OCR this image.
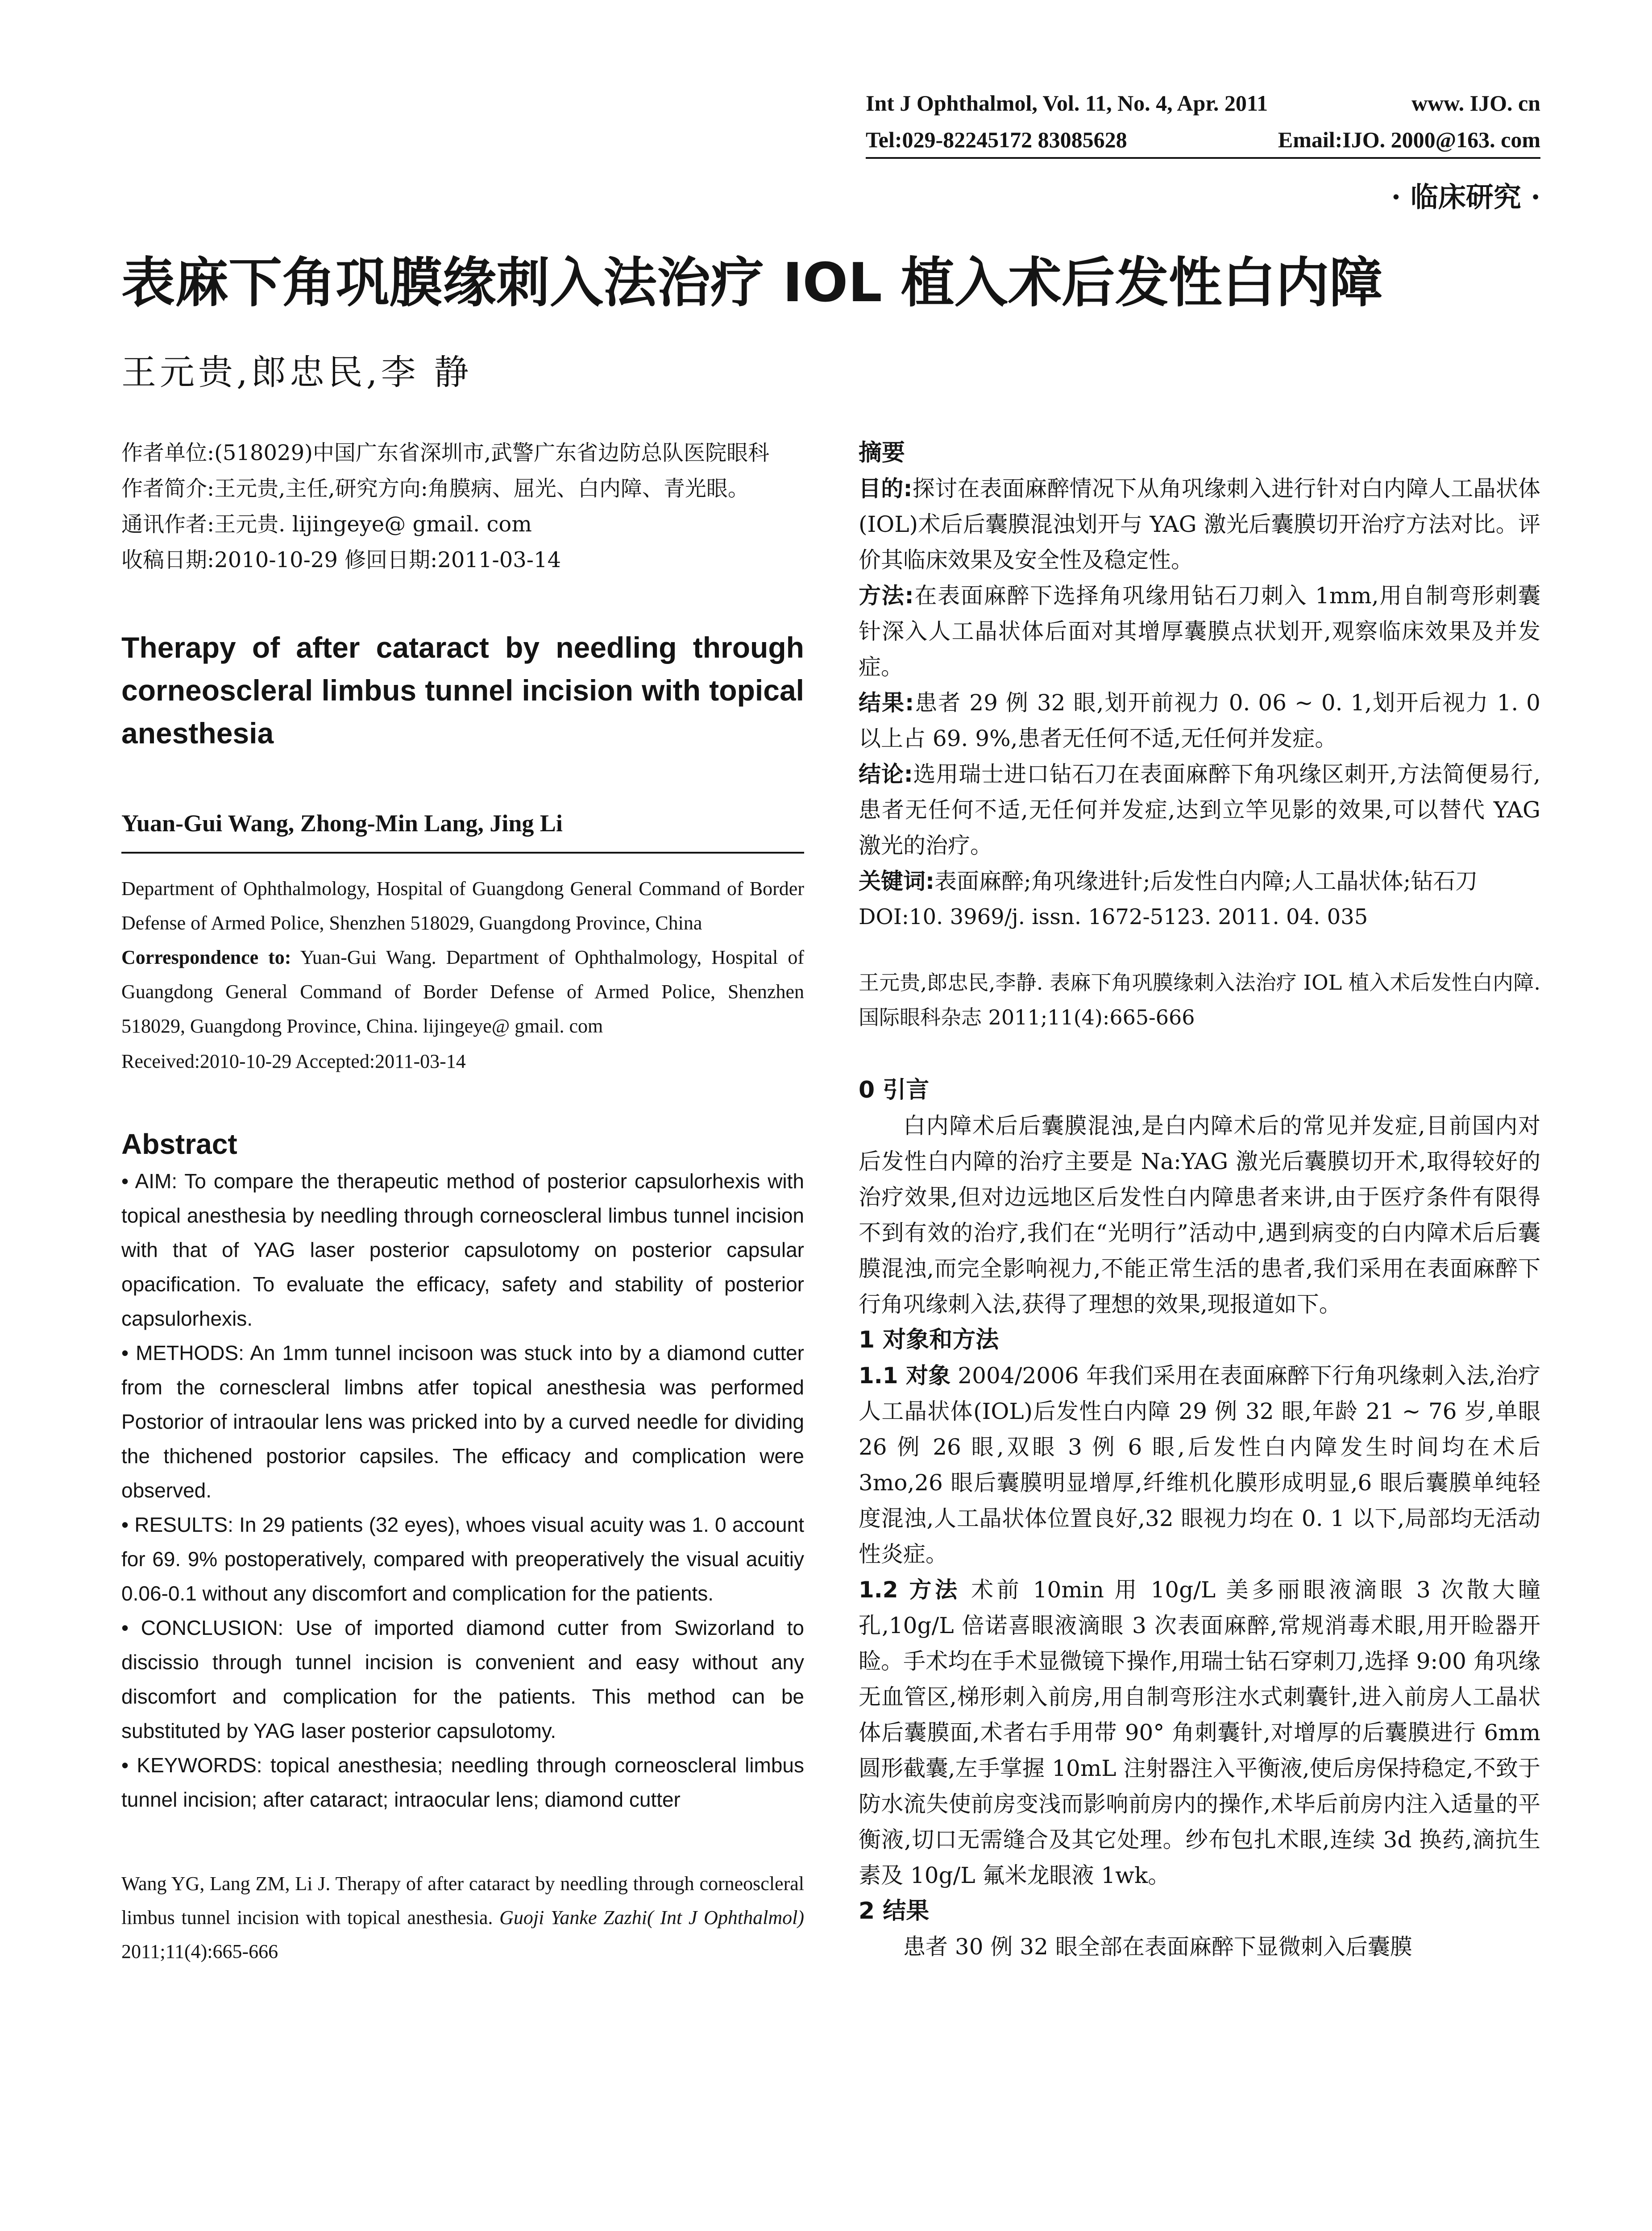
Int J Ophthalmol, Vol. 11, No. 4, Apr. 2011	www. IJO. cn
Tel:029-82245172 83085628	Email:IJO. 2000@163. com
· 临床研究 ·
表麻下角巩膜缘刺入法治疗 IOL 植入术后发性白内障
王元贵,郎忠民,李 静

作者单位:(518029)中国广东省深圳市,武警广东省边防总队医院眼科

作者简介:王元贵,主任,研究方向:角膜病、屈光、白内障、青光眼。

通讯作者:王元贵. lijingeye@ gmail. com

收稿日期:2010-10-29 修回日期:2011-03-14

Therapy of after cataract by needling through corneoscleral limbus tunnel incision with topical anesthesia
Yuan-Gui Wang, Zhong-Min Lang, Jing Li

Department of Ophthalmology, Hospital of Guangdong General Command of Border Defense of Armed Police, Shenzhen 518029, Guangdong Province, China

Correspondence to: Yuan-Gui Wang. Department of Ophthalmology, Hospital of Guangdong General Command of Border Defense of Armed Police, Shenzhen 518029, Guangdong Province, China. lijingeye@ gmail. com

Received:2010-10-29 Accepted:2011-03-14
Abstract

• AIM: To compare the therapeutic method of posterior capsulorhexis with topical anesthesia by needling through corneoscleral limbus tunnel incision with that of YAG laser posterior capsulotomy on posterior capsular opacification. To evaluate the efficacy, safety and stability of posterior capsulorhexis.

• METHODS: An 1mm tunnel incisoon was stuck into by a diamond cutter from the cornescleral limbns atfer topical anesthesia was performed Postorior of intraoular lens was pricked into by a curved needle for dividing the thichened postorior capsiles. The efficacy and complication were observed.

• RESULTS: In 29 patients (32 eyes), whoes visual acuity was 1. 0 account for 69. 9% postoperatively, compared with preoperatively the visual acuitiy 0.06-0.1 without any discomfort and complication for the patients.

• CONCLUSION: Use of imported diamond cutter from Swizorland to discissio through tunnel incision is convenient and easy without any discomfort and complication for the patients. This method can be substituted by YAG laser posterior capsulotomy.

• KEYWORDS: topical anesthesia; needling through corneoscleral limbus tunnel incision; after cataract; intraocular lens; diamond cutter

Wang YG, Lang ZM, Li J. Therapy of after cataract by needling through corneoscleral limbus tunnel incision with topical anesthesia. Guoji Yanke Zazhi( Int J Ophthalmol) 2011;11(4):665-666
摘要

目的:探讨在表面麻醉情况下从角巩缘刺入进行针对白内障人工晶状体(IOL)术后后囊膜混浊划开与 YAG 激光后囊膜切开治疗方法对比。评价其临床效果及安全性及稳定性。

方法:在表面麻醉下选择角巩缘用钻石刀刺入 1mm,用自制弯形刺囊针深入人工晶状体后面对其增厚囊膜点状划开,观察临床效果及并发症。

结果:患者 29 例 32 眼,划开前视力 0. 06 ~ 0. 1,划开后视力 1. 0 以上占 69. 9%,患者无任何不适,无任何并发症。

结论:选用瑞士进口钻石刀在表面麻醉下角巩缘区刺开,方法简便易行,患者无任何不适,无任何并发症,达到立竿见影的效果,可以替代 YAG 激光的治疗。

关键词:表面麻醉;角巩缘进针;后发性白内障;人工晶状体;钻石刀

DOI:10. 3969/j. issn. 1672-5123. 2011. 04. 035

王元贵,郎忠民,李静. 表麻下角巩膜缘刺入法治疗 IOL 植入术后发性白内障. 国际眼科杂志 2011;11(4):665-666
0 引言

白内障术后后囊膜混浊,是白内障术后的常见并发症,目前国内对后发性白内障的治疗主要是 Na:YAG 激光后囊膜切开术,取得较好的治疗效果,但对边远地区后发性白内障患者来讲,由于医疗条件有限得不到有效的治疗,我们在“光明行”活动中,遇到病变的白内障术后后囊膜混浊,而完全影响视力,不能正常生活的患者,我们采用在表面麻醉下行角巩缘刺入法,获得了理想的效果,现报道如下。

1 对象和方法

1.1 对象 2004/2006 年我们采用在表面麻醉下行角巩缘刺入法,治疗人工晶状体(IOL)后发性白内障 29 例 32 眼,年龄 21 ~ 76 岁,单眼 26 例 26 眼,双眼 3 例 6 眼,后发性白内障发生时间均在术后 3mo,26 眼后囊膜明显增厚,纤维机化膜形成明显,6 眼后囊膜单纯轻度混浊,人工晶状体位置良好,32 眼视力均在 0. 1 以下,局部均无活动性炎症。

1.2 方法 术前 10min 用 10g/L 美多丽眼液滴眼 3 次散大瞳孔,10g/L 倍诺喜眼液滴眼 3 次表面麻醉,常规消毒术眼,用开睑器开睑。手术均在手术显微镜下操作,用瑞士钻石穿刺刀,选择 9:00 角巩缘无血管区,梯形刺入前房,用自制弯形注水式刺囊针,进入前房人工晶状体后囊膜面,术者右手用带 90° 角刺囊针,对增厚的后囊膜进行 6mm 圆形截囊,左手掌握 10mL 注射器注入平衡液,使后房保持稳定,不致于防水流失使前房变浅而影响前房内的操作,术毕后前房内注入适量的平衡液,切口无需缝合及其它处理。纱布包扎术眼,连续 3d 换药,滴抗生素及 10g/L 氟米龙眼液 1wk。

2 结果

患者 30 例 32 眼全部在表面麻醉下显微刺入后囊膜
